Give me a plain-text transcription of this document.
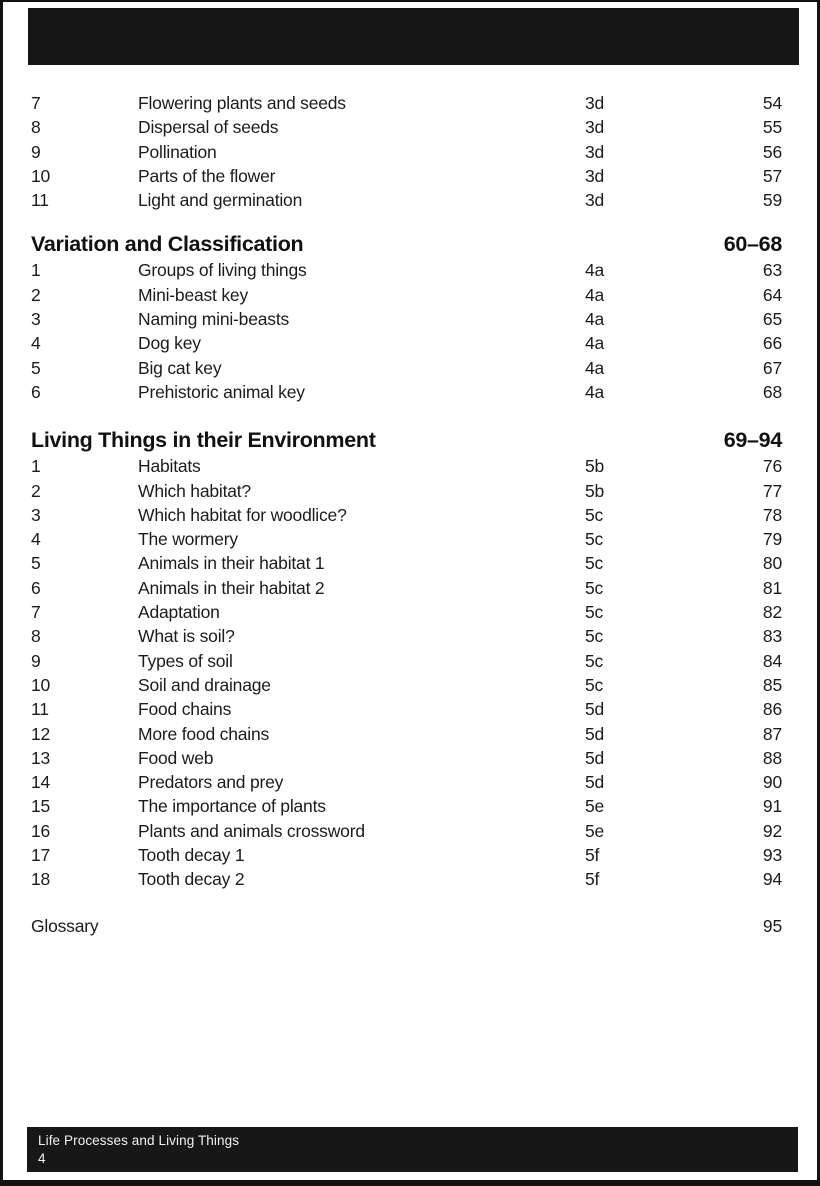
7	Flowering plants and seeds	3d	54
8	Dispersal of seeds	3d	55
9	Pollination	3d	56
10	Parts of the flower	3d	57
11	Light and germination	3d	59
Variation and Classification	60–68
1	Groups of living things	4a	63
2	Mini-beast key	4a	64
3	Naming mini-beasts	4a	65
4	Dog key	4a	66
5	Big cat key	4a	67
6	Prehistoric animal key	4a	68
Living Things in their Environment	69–94
1	Habitats	5b	76
2	Which habitat?	5b	77
3	Which habitat for woodlice?	5c	78
4	The wormery	5c	79
5	Animals in their habitat 1	5c	80
6	Animals in their habitat 2	5c	81
7	Adaptation	5c	82
8	What is soil?	5c	83
9	Types of soil	5c	84
10	Soil and drainage	5c	85
11	Food chains	5d	86
12	More food chains	5d	87
13	Food web	5d	88
14	Predators and prey	5d	90
15	The importance of plants	5e	91
16	Plants and animals crossword	5e	92
17	Tooth decay 1	5f	93
18	Tooth decay 2	5f	94
Glossary	95
Life Processes and Living Things
4
